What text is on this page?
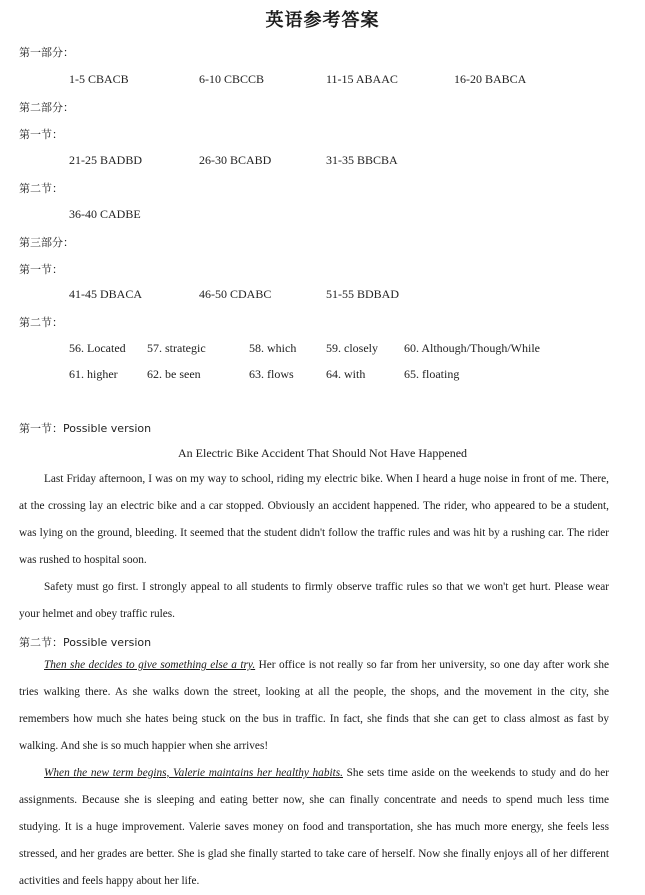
英语参考答案
第一部分：
1-5 CBACB	6-10 CBCCB	11-15 ABAAC	16-20 BABCA
第二部分：
第一节：
21-25 BADBD	26-30 BCABD	31-35 BBCBA
第二节：
36-40 CADBE
第三部分：
第一节：
41-45 DBACA	46-50 CDABC	51-55 BDBAD
第二节：
56. Located 57. strategic	58. which 59. closely 60. Although/Though/While
61. higher 62. be seen	63. flows	64. with	65. floating
第一节：Possible version
An Electric Bike Accident That Should Not Have Happened

Last Friday afternoon, I was on my way to school, riding my electric bike. When I heard a huge noise in front of me. There, at the crossing lay an electric bike and a car stopped. Obviously an accident happened. The rider, who appeared to be a student, was lying on the ground, bleeding. It seemed that the student didn't follow the traffic rules and was hit by a rushing car. The rider was rushed to hospital soon.

Safety must go first. I strongly appeal to all students to firmly observe traffic rules so that we won't get hurt. Please wear your helmet and obey traffic rules.

第二节：Possible version

Then she decides to give something else a try. Her office is not really so far from her university, so one day after work she tries walking there. As she walks down the street, looking at all the people, the shops, and the movement in the city, she remembers how much she hates being stuck on the bus in traffic. In fact, she finds that she can get to class almost as fast by walking. And she is so much happier when she arrives!

When the new term begins, Valerie maintains her healthy habits. She sets time aside on the weekends to study and do her assignments. Because she is sleeping and eating better now, she can finally concentrate and needs to spend much less time studying. It is a huge improvement. Valerie saves money on food and transportation, she has much more energy, she feels less stressed, and her grades are better. She is glad she finally started to take care of herself. Now she finally enjoys all of her different activities and feels happy about her life.
